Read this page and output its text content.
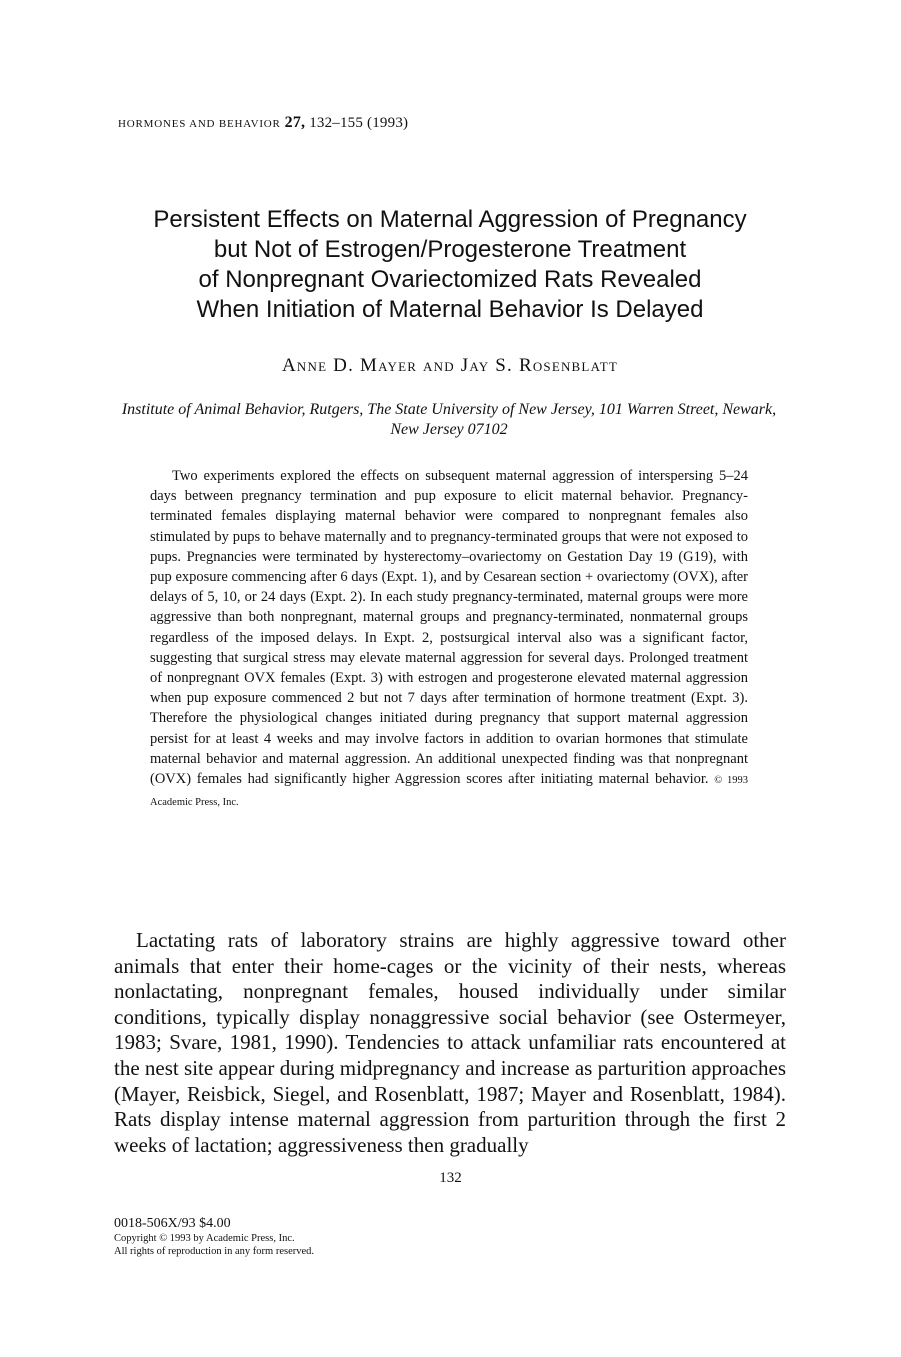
HORMONES AND BEHAVIOR 27, 132–155 (1993)
Persistent Effects on Maternal Aggression of Pregnancy
but Not of Estrogen/Progesterone Treatment
of Nonpregnant Ovariectomized Rats Revealed
When Initiation of Maternal Behavior Is Delayed
Anne D. Mayer and Jay S. Rosenblatt
Institute of Animal Behavior, Rutgers, The State University of New Jersey, 101 Warren Street, Newark, New Jersey 07102

Two experiments explored the effects on subsequent maternal aggression of interspersing 5–24 days between pregnancy termination and pup exposure to elicit maternal behavior. Pregnancy-terminated females displaying maternal behavior were compared to nonpregnant females also stimulated by pups to behave maternally and to pregnancy-terminated groups that were not exposed to pups. Pregnancies were terminated by hysterectomy–ovariectomy on Gestation Day 19 (G19), with pup exposure commencing after 6 days (Expt. 1), and by Cesarean section + ovariectomy (OVX), after delays of 5, 10, or 24 days (Expt. 2). In each study pregnancy-terminated, maternal groups were more aggressive than both nonpregnant, maternal groups and pregnancy-terminated, nonmaternal groups regardless of the imposed delays. In Expt. 2, postsurgical interval also was a significant factor, suggesting that surgical stress may elevate maternal aggression for several days. Prolonged treatment of nonpregnant OVX females (Expt. 3) with estrogen and progesterone elevated maternal aggression when pup exposure commenced 2 but not 7 days after termination of hormone treatment (Expt. 3). Therefore the physiological changes initiated during pregnancy that support maternal aggression persist for at least 4 weeks and may involve factors in addition to ovarian hormones that stimulate maternal behavior and maternal aggression. An additional unexpected finding was that nonpregnant (OVX) females had significantly higher Aggression scores after initiating maternal behavior. © 1993 Academic Press, Inc.

Lactating rats of laboratory strains are highly aggressive toward other animals that enter their home-cages or the vicinity of their nests, whereas nonlactating, nonpregnant females, housed individually under similar conditions, typically display nonaggressive social behavior (see Ostermeyer, 1983; Svare, 1981, 1990). Tendencies to attack unfamiliar rats encountered at the nest site appear during midpregnancy and increase as parturition approaches (Mayer, Reisbick, Siegel, and Rosenblatt, 1987; Mayer and Rosenblatt, 1984). Rats display intense maternal aggression from parturition through the first 2 weeks of lactation; aggressiveness then gradually

132
0018-506X/93 $4.00
Copyright © 1993 by Academic Press, Inc.
All rights of reproduction in any form reserved.
